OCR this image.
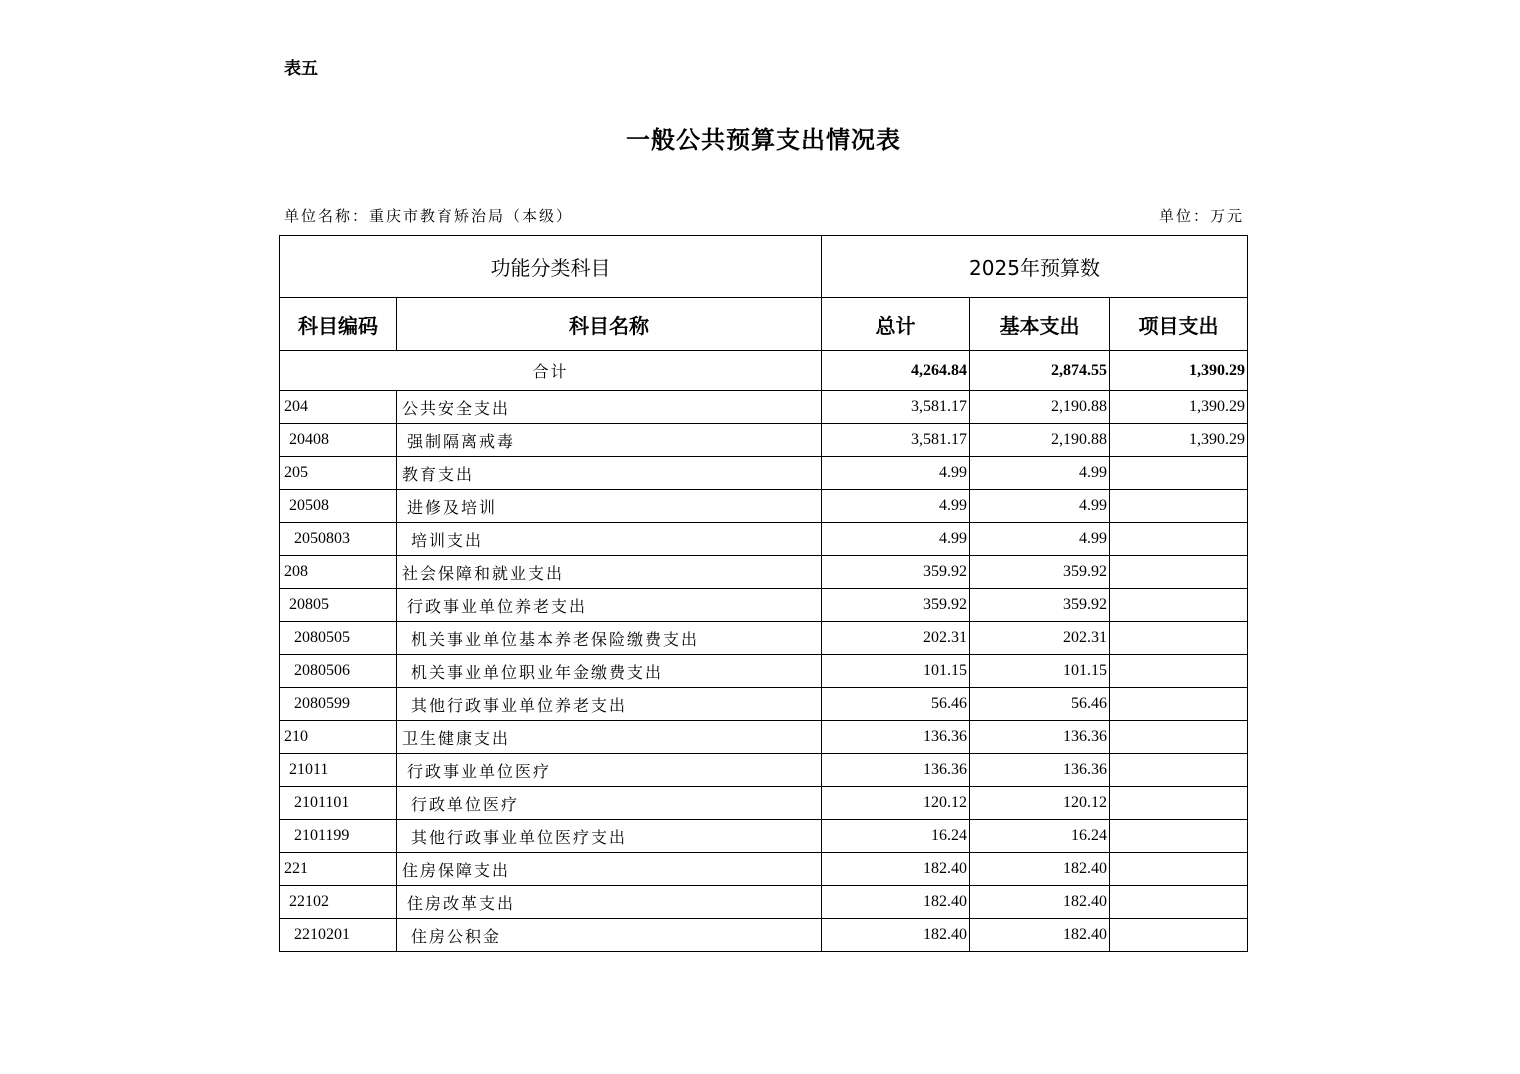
表五
一般公共预算支出情况表
单位名称：重庆市教育矫治局（本级）	单位：万元
功能分类科目		2025年预算数		
科目编码	科目名称	总计	基本支出	项目支出
合计		4,264.84	2,874.55	1,390.29
204	公共安全支出	3,581.17	2,190.88	1,390.29
20408	强制隔离戒毒	3,581.17	2,190.88	1,390.29
205	教育支出	4.99	4.99	
20508	进修及培训	4.99	4.99	
2050803	培训支出	4.99	4.99	
208	社会保障和就业支出	359.92	359.92	
20805	行政事业单位养老支出	359.92	359.92	
2080505	机关事业单位基本养老保险缴费支出	202.31	202.31	
2080506	机关事业单位职业年金缴费支出	101.15	101.15	
2080599	其他行政事业单位养老支出	56.46	56.46	
210	卫生健康支出	136.36	136.36	
21011	行政事业单位医疗	136.36	136.36	
2101101	行政单位医疗	120.12	120.12	
2101199	其他行政事业单位医疗支出	16.24	16.24	
221	住房保障支出	182.40	182.40	
22102	住房改革支出	182.40	182.40	
2210201	住房公积金	182.40	182.40	
